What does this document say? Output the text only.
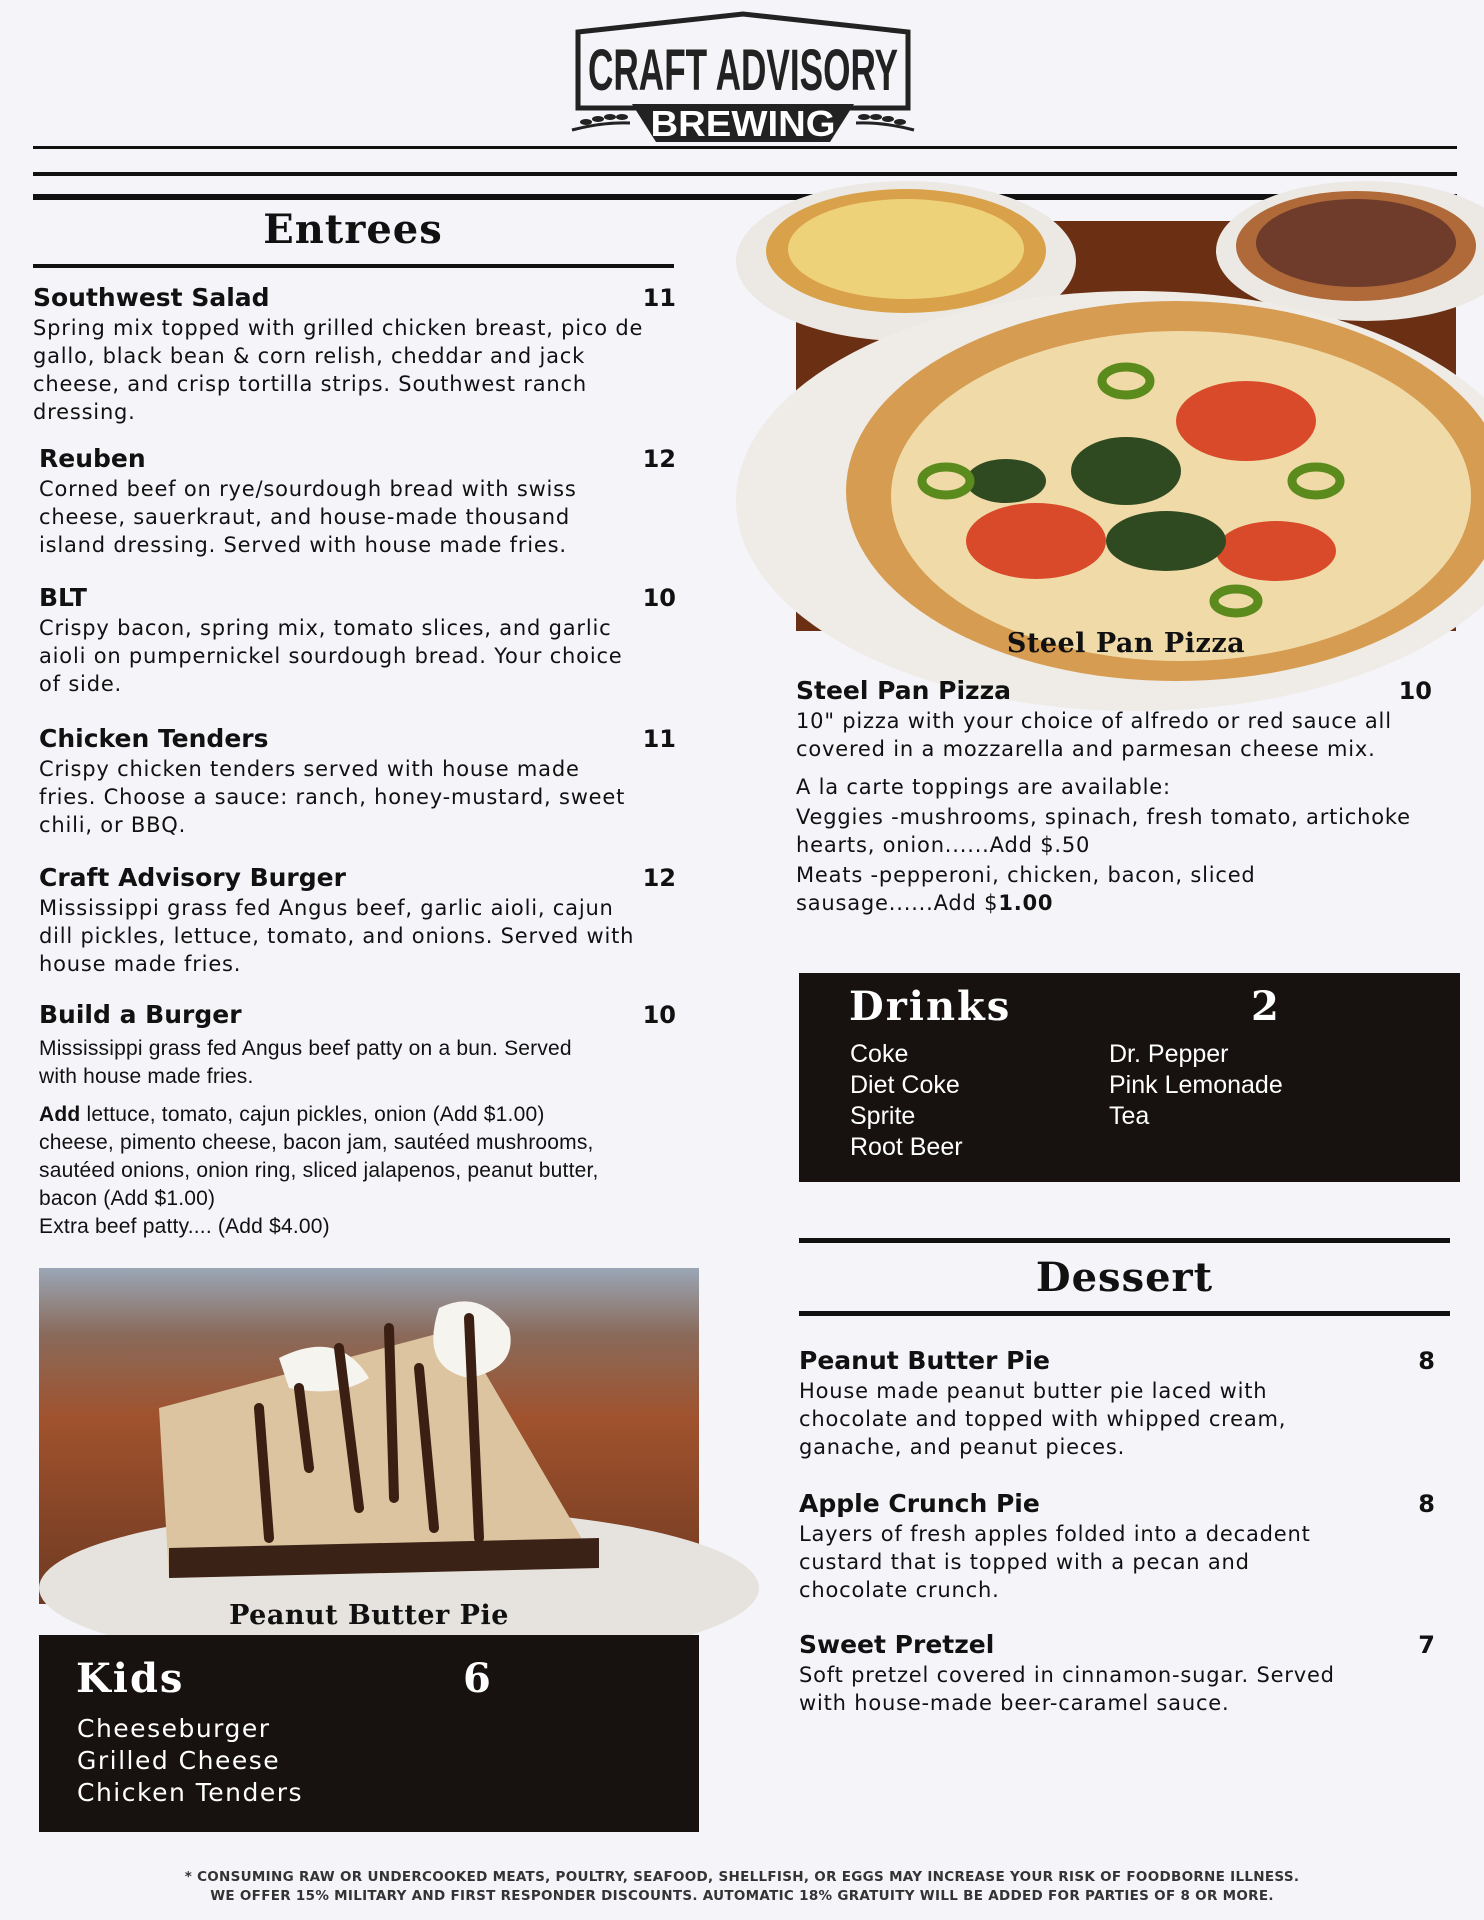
CRAFT ADVISORY
BREWING
Entrees
Southwest Salad	11
Spring mix topped with grilled chicken breast, pico de gallo, black bean & corn relish, cheddar and jack cheese, and crisp tortilla strips. Southwest ranch dressing.
Reuben	12
Corned beef on rye/sourdough bread with swiss cheese, sauerkraut, and house-made thousand island dressing. Served with house made fries.
BLT	10
Crispy bacon, spring mix, tomato slices, and garlic aioli on pumpernickel sourdough bread. Your choice of side.
Chicken Tenders	11
Crispy chicken tenders served with house made fries. Choose a sauce: ranch, honey-mustard, sweet chili, or BBQ.
Craft Advisory Burger	12
Mississippi grass fed Angus beef, garlic aioli, cajun dill pickles, lettuce, tomato, and onions. Served with house made fries.
Build a Burger	10
Mississippi grass fed Angus beef patty on a bun. Served with house made fries.
Add lettuce, tomato, cajun pickles, onion (Add $1.00)
cheese, pimento cheese, bacon jam, sautéed mushrooms, sautéed onions, onion ring, sliced jalapenos, peanut butter, bacon (Add $1.00)
Extra beef patty.... (Add $4.00)
Peanut Butter Pie
Kids	6
Cheeseburger
Grilled Cheese
Chicken Tenders
Steel Pan Pizza
Steel Pan Pizza	10
10" pizza with your choice of alfredo or red sauce all covered in a mozzarella and parmesan cheese mix.
A la carte toppings are available:
Veggies -mushrooms, spinach, fresh tomato, artichoke hearts, onion......Add $.50
Meats -pepperoni, chicken, bacon, sliced sausage......Add $1.00
Drinks	2
Coke
Diet Coke
Sprite
Root Beer
Dr. Pepper
Pink Lemonade
Tea
Dessert
Peanut Butter Pie	8
House made peanut butter pie laced with chocolate and topped with whipped cream, ganache, and peanut pieces.
Apple Crunch Pie	8
Layers of fresh apples folded into a decadent custard that is topped with a pecan and chocolate crunch.
Sweet Pretzel	7
Soft pretzel covered in cinnamon-sugar. Served with house-made beer-caramel sauce.
* CONSUMING RAW OR UNDERCOOKED MEATS, POULTRY, SEAFOOD, SHELLFISH, OR EGGS MAY INCREASE YOUR RISK OF FOODBORNE ILLNESS.
WE OFFER 15% MILITARY AND FIRST RESPONDER DISCOUNTS. AUTOMATIC 18% GRATUITY WILL BE ADDED FOR PARTIES OF 8 OR MORE.
